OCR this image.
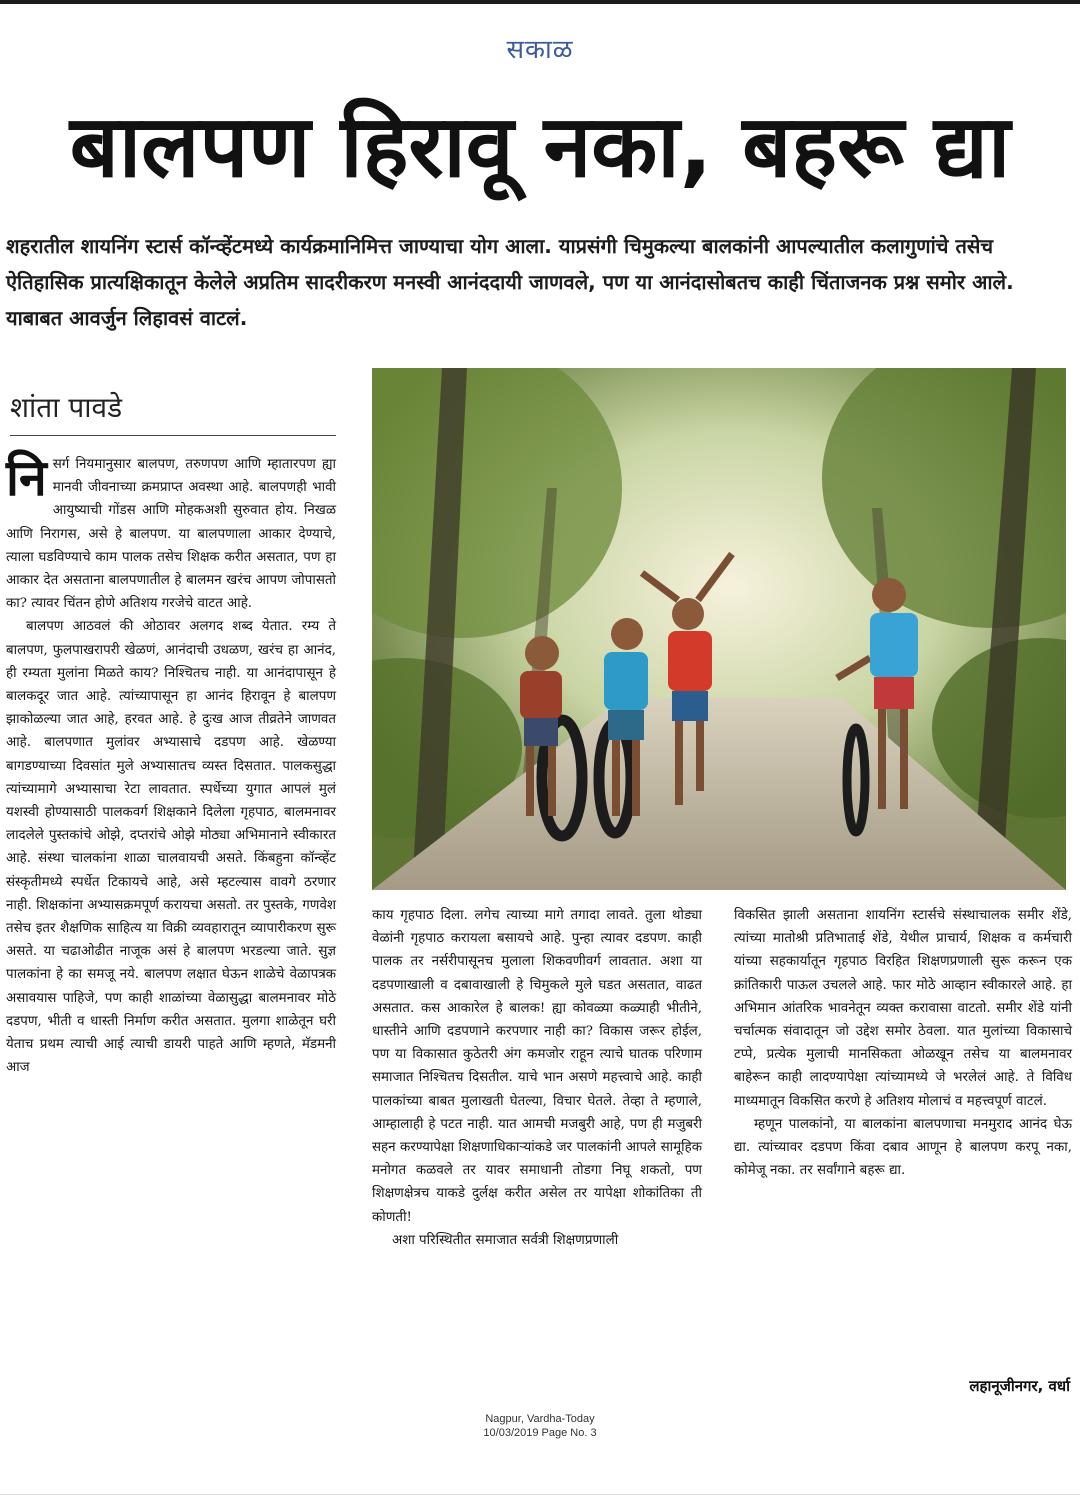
सकाळ
बालपण हिरावू नका, बहरू द्या
शहरातील शायनिंग स्टार्स कॉन्व्हेंटमध्ये कार्यक्रमानिमित्त जाण्याचा योग आला. याप्रसंगी चिमुकल्या बालकांनी आपल्यातील कलागुणांचे तसेच ऐतिहासिक प्रात्यक्षिकातून केलेले अप्रतिम सादरीकरण मनस्वी आनंददायी जाणवले, पण या आनंदासोबतच काही चिंताजनक प्रश्न समोर आले. याबाबत आवर्जुन लिहावसं वाटलं.
शांता पावडे

निसर्ग नियमानुसार बालपण, तरुणपण आणि म्हातारपण ह्या मानवी जीवनाच्या क्रमप्राप्त अवस्था आहे. बालपणही भावी आयुष्याची गोंडस आणि मोहकअशी सुरुवात होय. निखळ आणि निरागस, असे हे बालपण. या बालपणाला आकार देण्याचे, त्याला घडविण्याचे काम पालक तसेच शिक्षक करीत असतात, पण हा आकार देत असताना बालपणातील हे बालमन खरंच आपण जोपासतो का? त्यावर चिंतन होणे अतिशय गरजेचे वाटत आहे.

बालपण आठवलं की ओठावर अलगद शब्द येतात. रम्य ते बालपण, फुलपाखरापरी खेळणं, आनंदाची उधळण, खरंच हा आनंद, ही रम्यता मुलांना मिळते काय? निश्चितच नाही. या आनंदापासून हे बालकदूर जात आहे. त्यांच्यापासून हा आनंद हिरावून हे बालपण झाकोळल्या जात आहे, हरवत आहे. हे दुःख आज तीव्रतेने जाणवत आहे. बालपणात मुलांवर अभ्यासाचे दडपण आहे. खेळण्या बागडण्याच्या दिवसांत मुले अभ्यासातच व्यस्त दिसतात. पालकसुद्धा त्यांच्यामागे अभ्यासाचा रेटा लावतात. स्पर्धेच्या युगात आपलं मुलं यशस्वी होण्यासाठी पालकवर्ग शिक्षकाने दिलेला गृहपाठ, बालमनावर लादलेले पुस्तकांचे ओझे, दप्तरांचे ओझे मोठ्या अभिमानाने स्वीकारत आहे. संस्था चालकांना शाळा चालवायची असते. किंबहुना कॉन्व्हेंट संस्कृतीमध्ये स्पर्धेत टिकायचे आहे, असे म्हटल्यास वावगे ठरणार नाही. शिक्षकांना अभ्यासक्रमपूर्ण करायचा असतो. तर पुस्तके, गणवेश तसेच इतर शैक्षणिक साहित्य या विक्री व्यवहारातून व्यापारीकरण सुरू असते. या चढाओढीत नाजूक असं हे बालपण भरडल्या जाते. सुज्ञ पालकांना हे का समजू नये. बालपण लक्षात घेऊन शाळेचे वेळापत्रक असावयास पाहिजे, पण काही शाळांच्या वेळासुद्धा बालमनावर मोठे दडपण, भीती व धास्ती निर्माण करीत असतात. मुलगा शाळेतून घरी येताच प्रथम त्याची आई त्याची डायरी पाहते आणि म्हणते, मॅडमनी आज

काय गृहपाठ दिला. लगेच त्याच्या मागे तगादा लावते. तुला थोड्या वेळांनी गृहपाठ करायला बसायचे आहे. पुन्हा त्यावर दडपण. काही पालक तर नर्सरीपासूनच मुलाला शिकवणीवर्ग लावतात. अशा या दडपणाखाली व दबावाखाली हे चिमुकले मुले घडत असतात, वाढत असतात. कस आकारेल हे बालक! ह्या कोवळ्या कळ्याही भीतीने, धास्तीने आणि दडपणाने करपणार नाही का? विकास जरूर होईल, पण या विकासात कुठेतरी अंग कमजोर राहून त्याचे घातक परिणाम समाजात निश्चितच दिसतील. याचे भान असणे महत्त्वाचे आहे. काही पालकांच्या बाबत मुलाखती घेतल्या, विचार घेतले. तेव्हा ते म्हणाले, आम्हालाही हे पटत नाही. यात आमची मजबुरी आहे, पण ही मजुबरी सहन करण्यापेक्षा शिक्षणाधिकाऱ्यांकडे जर पालकांनी आपले सामूहिक मनोगत कळवले तर यावर समाधानी तोडगा निघू शकतो, पण शिक्षणक्षेत्रच याकडे दुर्लक्ष करीत असेल तर यापेक्षा शोकांतिका ती कोणती!

अशा परिस्थितीत समाजात सर्वत्री शिक्षणप्रणाली

विकसित झाली असताना शायनिंग स्टार्सचे संस्थाचालक समीर शेंडे, त्यांच्या मातोश्री प्रतिभाताई शेंडे, येथील प्राचार्य, शिक्षक व कर्मचारी यांच्या सहकार्यातून गृहपाठ विरहित शिक्षणप्रणाली सुरू करून एक क्रांतिकारी पाऊल उचलले आहे. फार मोठे आव्हान स्वीकारले आहे. हा अभिमान आंतरिक भावनेतून व्यक्त करावासा वाटतो. समीर शेंडे यांनी चर्चात्मक संवादातून जो उद्देश समोर ठेवला. यात मुलांच्या विकासाचे टप्पे, प्रत्येक मुलाची मानसिकता ओळखून तसेच या बालमनावर बाहेरून काही लादण्यापेक्षा त्यांच्यामध्ये जे भरलेलं आहे. ते विविध माध्यमातून विकसित करणे हे अतिशय मोलाचं व महत्त्वपूर्ण वाटलं.

म्हणून पालकांनो, या बालकांना बालपणाचा मनमुराद आनंद घेऊ द्या. त्यांच्यावर दडपण किंवा दबाव आणून हे बालपण करपू नका, कोमेजू नका. तर सर्वांगाने बहरू द्या.

लहानूजीनगर, वर्धा
Nagpur, Vardha-Today
10/03/2019 Page No. 3
